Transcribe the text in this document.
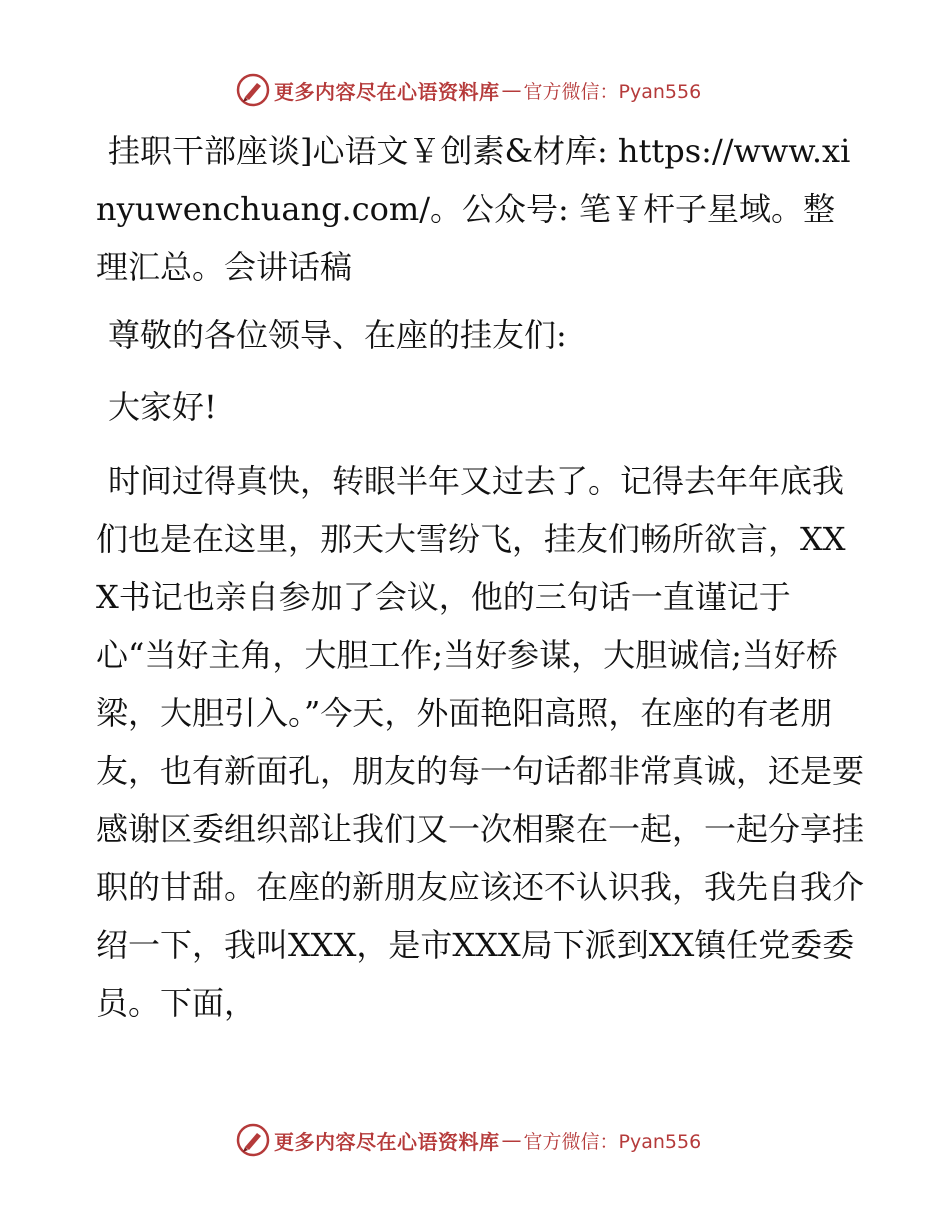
更多内容尽在心语资料库 — 官方微信：Pyan556

挂职干部座谈]心语文￥创素&材库: https://www.xinyuwenchuang.com/。公众号: 笔￥杆子星域。整理汇总。会讲话稿

尊敬的各位领导、在座的挂友们:

大家好!

时间过得真快，转眼半年又过去了。记得去年年底我们也是在这里，那天大雪纷飞，挂友们畅所欲言，XXX书记也亲自参加了会议，他的三句话一直谨记于心“当好主角，大胆工作;当好参谋，大胆诚信;当好桥梁，大胆引入。”今天，外面艳阳高照，在座的有老朋友，也有新面孔，朋友的每一句话都非常真诚，还是要感谢区委组织部让我们又一次相聚在一起，一起分享挂职的甘甜。在座的新朋友应该还不认识我，我先自我介绍一下，我叫XXX，是市XXX局下派到XX镇任党委委员。下面，

更多内容尽在心语资料库 — 官方微信：Pyan556
